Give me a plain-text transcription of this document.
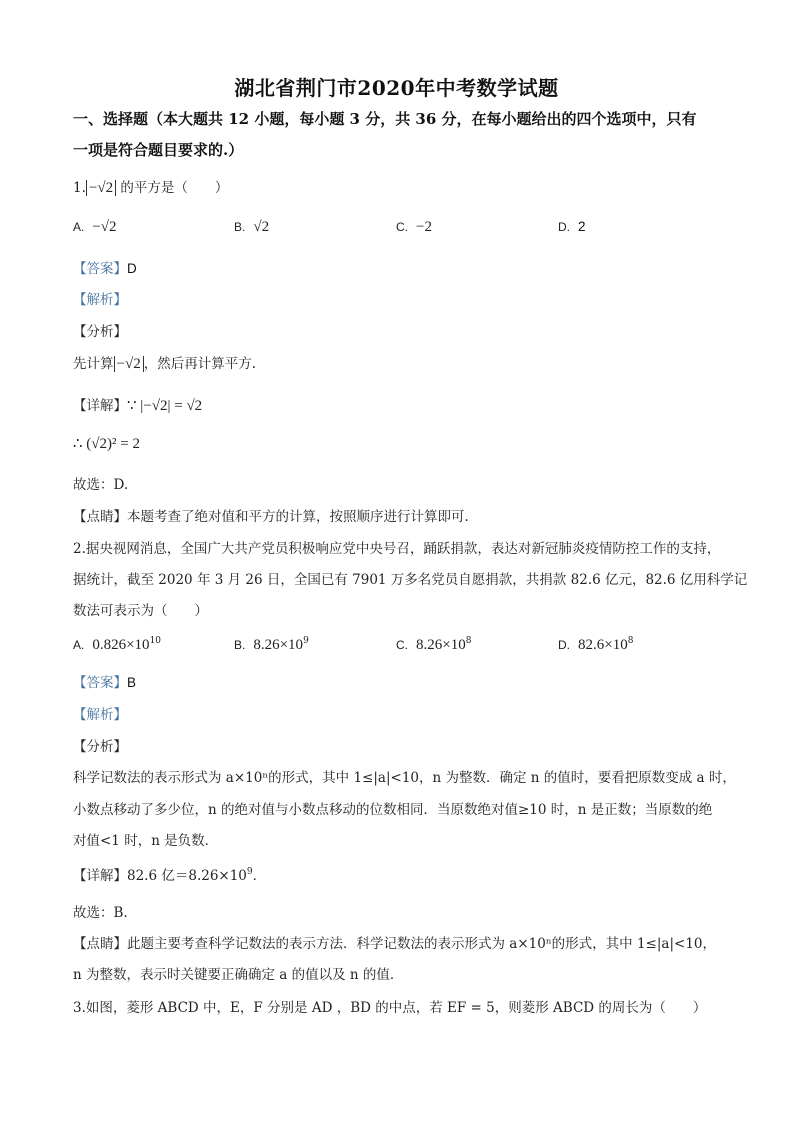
湖北省荆门市2020年中考数学试题
一、选择题（本大题共 12 小题，每小题 3 分，共 36 分，在每小题给出的四个选项中，只有
一项是符合题目要求的.）
1. −√2 的平方是（　　）
A. −√2	B. √2	C. −2	D. 2
【答案】D
【解析】
【分析】
先计算 −√2 ，然后再计算平方.
【详解】∵ |−√2| = √2
∴ (√2)² = 2
故选：D.
【点睛】本题考查了绝对值和平方的计算，按照顺序进行计算即可.
2.据央视网消息，全国广大共产党员积极响应党中央号召，踊跃捐款，表达对新冠肺炎疫情防控工作的支持，
据统计，截至 2020 年 3 月 26 日，全国已有 7901 万多名党员自愿捐款，共捐款 82.6 亿元，82.6 亿用科学记
数法可表示为（　　）
A. $0.826\times 10^{10}$	B. $8.26\times 10^9$	C. $8.26\times 10^8$	D. $82.6\times 10^8$
【答案】B
【解析】
【分析】
科学记数法的表示形式为 a×10ⁿ的形式，其中 1≤|a|<10，n 为整数．确定 n 的值时，要看把原数变成 a 时，
小数点移动了多少位，n 的绝对值与小数点移动的位数相同．当原数绝对值≥10 时，n 是正数；当原数的绝
对值<1 时，n 是负数．
【详解】82.6 亿$=8.26\times 10^9$．
故选：B.
【点睛】此题主要考查科学记数法的表示方法．科学记数法的表示形式为 a×10ⁿ的形式，其中 1≤|a|<10，
n 为整数，表示时关键要正确确定 a 的值以及 n 的值．
3.如图，菱形 ABCD 中，E，F 分别是 AD ，BD 的中点，若 EF = 5，则菱形 ABCD 的周长为（　　）
